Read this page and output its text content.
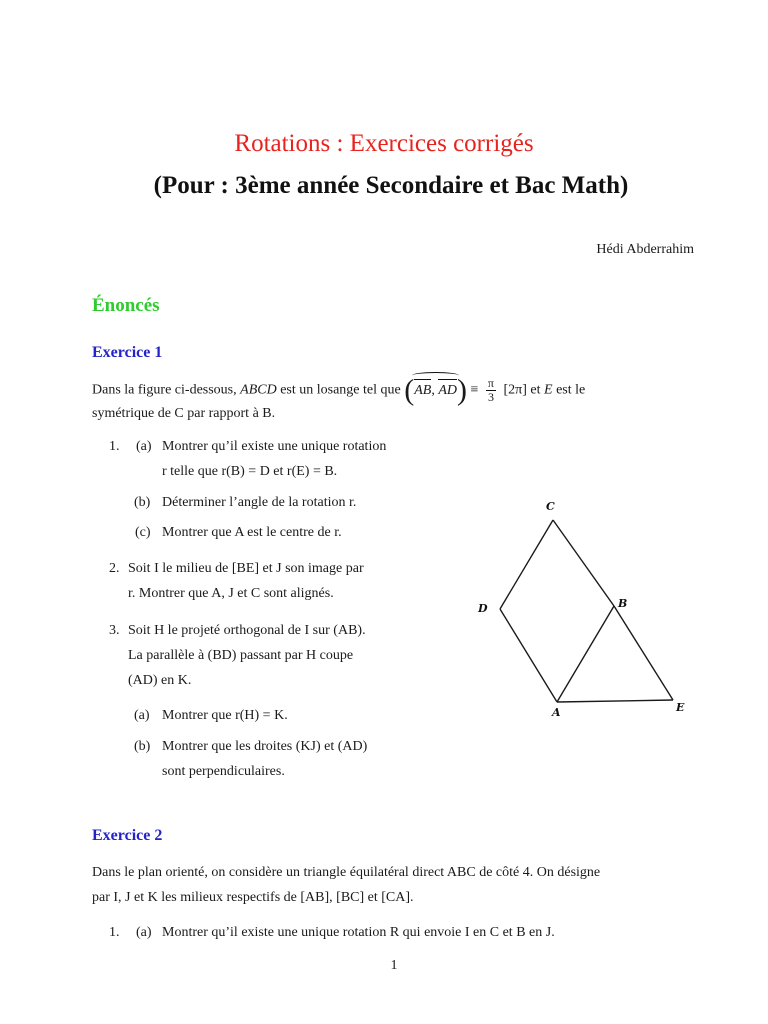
Rotations : Exercices corrigés
(Pour : 3ème année Secondaire et Bac Math)
Hédi Abderrahim
Énoncés
Exercice 1
Dans la figure ci-dessous, ABCD est un losange tel que (AB, $AD) \equiv \frac{\pi}{3} [2\pi]$ et E est le
symétrique de C par rapport à B.
1. (a) Montrer qu’il existe une unique rotation
r telle que r(B) = D et r(E) = B.
(b) Déterminer l’angle de la rotation r.
(c) Montrer que A est le centre de r.
2. Soit I le milieu de [BE] et J son image par
r. Montrer que A, J et C sont alignés.
3. Soit H le projeté orthogonal de I sur (AB).
La parallèle à (BD) passant par H coupe
(AD) en K.
(a) Montrer que r(H) = K.
(b) Montrer que les droites (KJ) et (AD)
sont perpendiculaires.
C
D	B
A	E
Exercice 2
Dans le plan orienté, on considère un triangle équilatéral direct ABC de côté 4. On désigne
par I, J et K les milieux respectifs de [AB], [BC] et [CA].
1. (a) Montrer qu’il existe une unique rotation R qui envoie I en C et B en J.
1
